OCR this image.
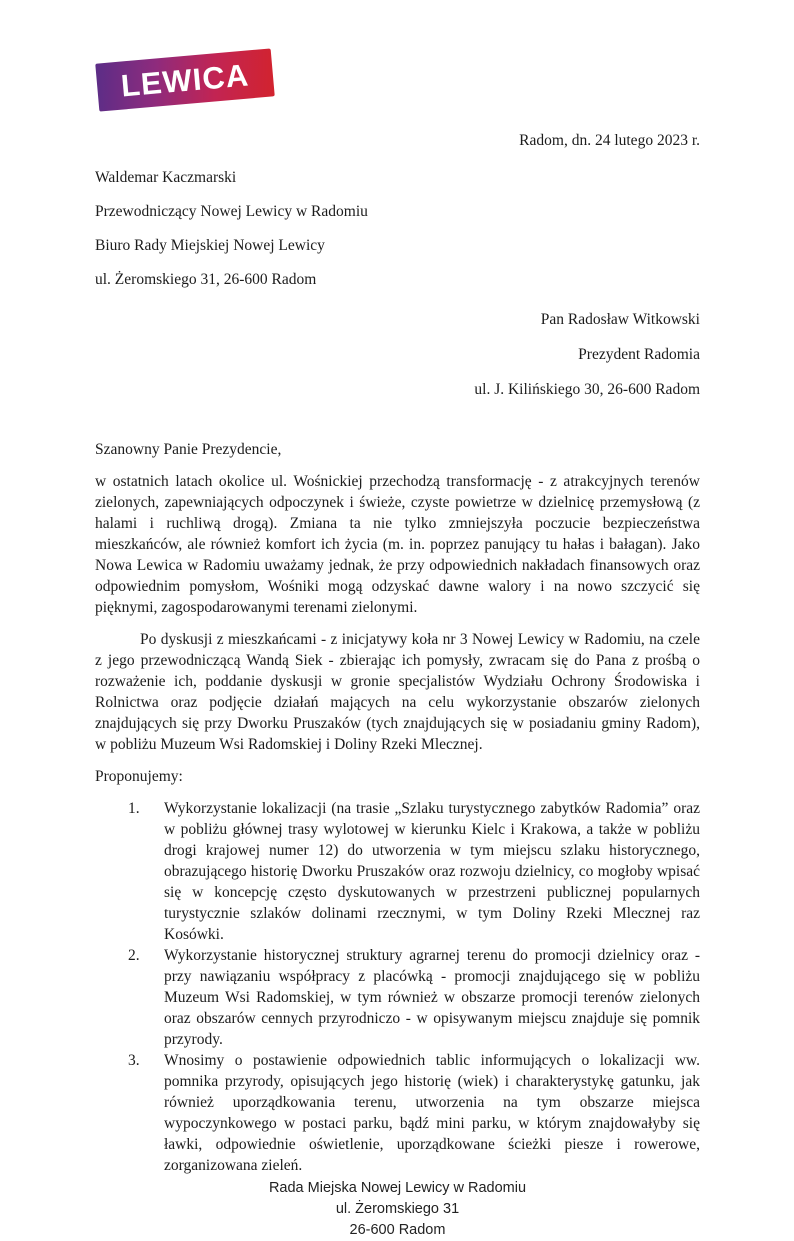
LEWICA
Radom, dn. 24 lutego 2023 r.
Waldemar Kaczmarski
Przewodniczący Nowej Lewicy w Radomiu
Biuro Rady Miejskiej Nowej Lewicy
ul. Żeromskiego 31, 26-600 Radom
Pan Radosław Witkowski
Prezydent Radomia
ul. J. Kilińskiego 30, 26-600 Radom
Szanowny Panie Prezydencie,
w ostatnich latach okolice ul. Wośnickiej przechodzą transformację - z atrakcyjnych terenów zielonych, zapewniających odpoczynek i świeże, czyste powietrze w dzielnicę przemysłową (z halami i ruchliwą drogą). Zmiana ta nie tylko zmniejszyła poczucie bezpieczeństwa mieszkańców, ale również komfort ich życia (m. in. poprzez panujący tu hałas i bałagan). Jako Nowa Lewica w Radomiu uważamy jednak, że przy odpowiednich nakładach finansowych oraz odpowiednim pomysłom, Wośniki mogą odzyskać dawne walory i na nowo szczycić się pięknymi, zagospodarowanymi terenami zielonymi.
Po dyskusji z mieszkańcami - z inicjatywy koła nr 3 Nowej Lewicy w Radomiu, na czele z jego przewodniczącą Wandą Siek - zbierając ich pomysły, zwracam się do Pana z prośbą o rozważenie ich, poddanie dyskusji w gronie specjalistów Wydziału Ochrony Środowiska i Rolnictwa oraz podjęcie działań mających na celu wykorzystanie obszarów zielonych znajdujących się przy Dworku Pruszaków (tych znajdujących się w posiadaniu gminy Radom), w pobliżu Muzeum Wsi Radomskiej i Doliny Rzeki Mlecznej.
Proponujemy:
1.	Wykorzystanie lokalizacji (na trasie „Szlaku turystycznego zabytków Radomia” oraz w pobliżu głównej trasy wylotowej w kierunku Kielc i Krakowa, a także w pobliżu drogi krajowej numer 12) do utworzenia w tym miejscu szlaku historycznego, obrazującego historię Dworku Pruszaków oraz rozwoju dzielnicy, co mogłoby wpisać się w koncepcję często dyskutowanych w przestrzeni publicznej popularnych turystycznie szlaków dolinami rzecznymi, w tym Doliny Rzeki Mlecznej raz Kosówki.
2.	Wykorzystanie historycznej struktury agrarnej terenu do promocji dzielnicy oraz - przy nawiązaniu współpracy z placówką - promocji znajdującego się w pobliżu Muzeum Wsi Radomskiej, w tym również w obszarze promocji terenów zielonych oraz obszarów cennych przyrodniczo - w opisywanym miejscu znajduje się pomnik przyrody.
3.	Wnosimy o postawienie odpowiednich tablic informujących o lokalizacji ww. pomnika przyrody, opisujących jego historię (wiek) i charakterystykę gatunku, jak również uporządkowania terenu, utworzenia na tym obszarze miejsca wypoczynkowego w postaci parku, bądź mini parku, w którym znajdowałyby się ławki, odpowiednie oświetlenie, uporządkowane ścieżki piesze i rowerowe, zorganizowana zieleń.
Rada Miejska Nowej Lewicy w Radomiu
ul. Żeromskiego 31
26-600 Radom
